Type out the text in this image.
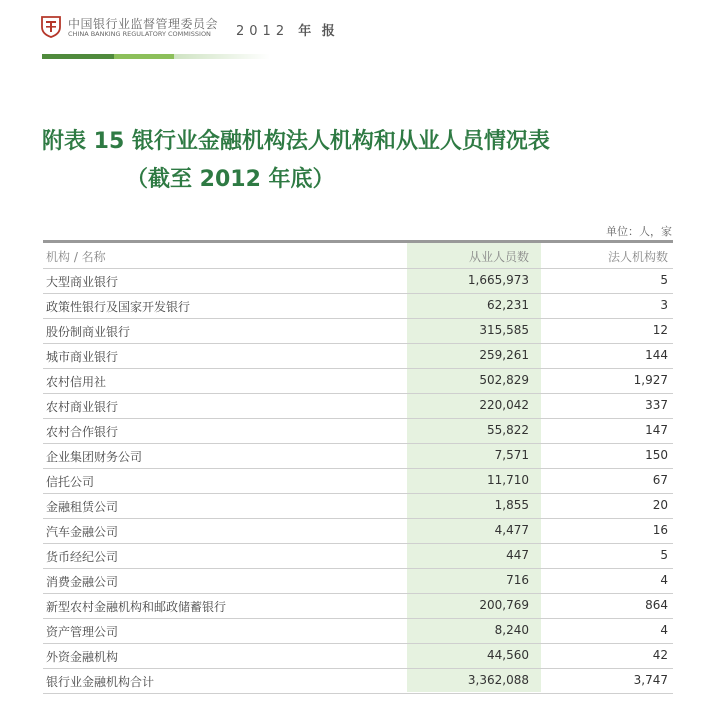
中国银行业监督管理委员会
CHINA BANKING REGULATORY COMMISSION 2012 年 报
附表 15 银行业金融机构法人机构和从业人员情况表
（截至 2012 年底）
单位：人，家
机构 / 名称	从业人员数	法人机构数
大型商业银行	1,665,973	5
政策性银行及国家开发银行	62,231	3
股份制商业银行	315,585	12
城市商业银行	259,261	144
农村信用社	502,829	1,927
农村商业银行	220,042	337
农村合作银行	55,822	147
企业集团财务公司	7,571	150
信托公司	11,710	67
金融租赁公司	1,855	20
汽车金融公司	4,477	16
货币经纪公司	447	5
消费金融公司	716	4
新型农村金融机构和邮政储蓄银行	200,769	864
资产管理公司	8,240	4
外资金融机构	44,560	42
银行业金融机构合计	3,362,088	3,747
